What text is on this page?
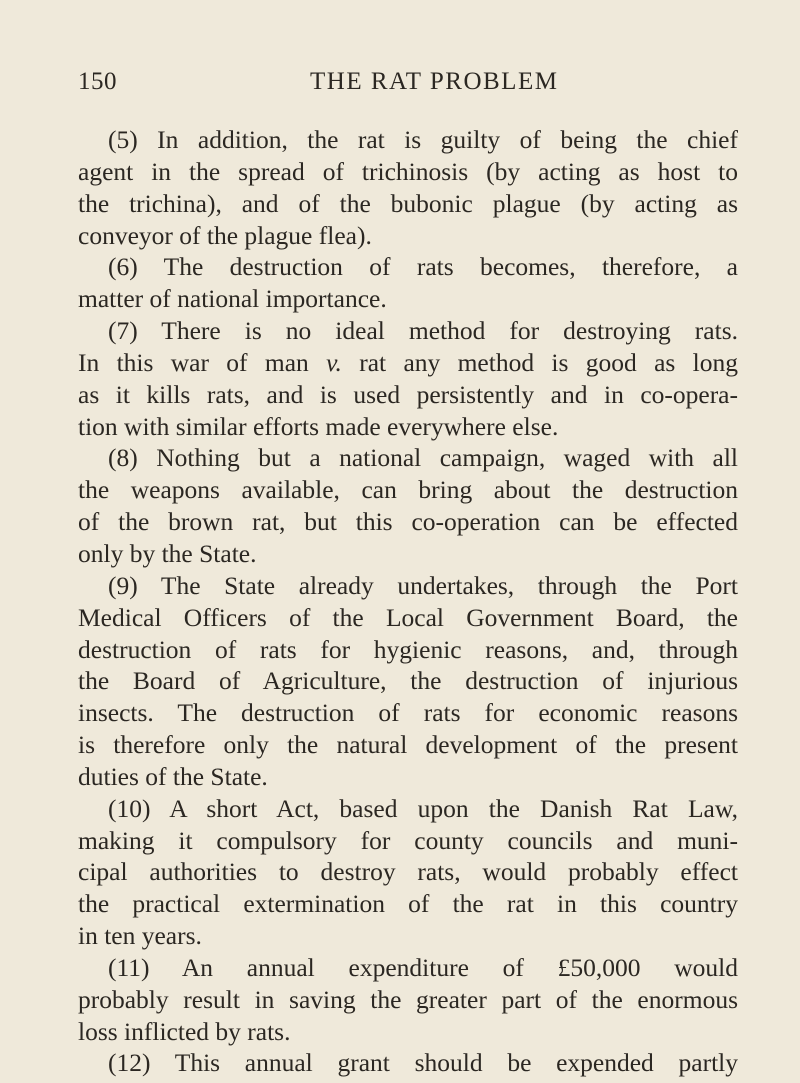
150	THE RAT PROBLEM
(5) In addition, the rat is guilty of being the chief
agent in the spread of trichinosis (by acting as host to
the trichina), and of the bubonic plague (by acting as
conveyor of the plague flea).
(6) The destruction of rats becomes, therefore, a
matter of national importance.
(7) There is no ideal method for destroying rats.
In this war of man v. rat any method is good as long
as it kills rats, and is used persistently and in co-opera-
tion with similar efforts made everywhere else.
(8) Nothing but a national campaign, waged with all
the weapons available, can bring about the destruction
of the brown rat, but this co-operation can be effected
only by the State.
(9) The State already undertakes, through the Port
Medical Officers of the Local Government Board, the
destruction of rats for hygienic reasons, and, through
the Board of Agriculture, the destruction of injurious
insects. The destruction of rats for economic reasons
is therefore only the natural development of the present
duties of the State.
(10) A short Act, based upon the Danish Rat Law,
making it compulsory for county councils and muni-
cipal authorities to destroy rats, would probably effect
the practical extermination of the rat in this country
in ten years.
(11) An annual expenditure of £50,000 would
probably result in saving the greater part of the enormous
loss inflicted by rats.
(12) This annual grant should be expended partly
